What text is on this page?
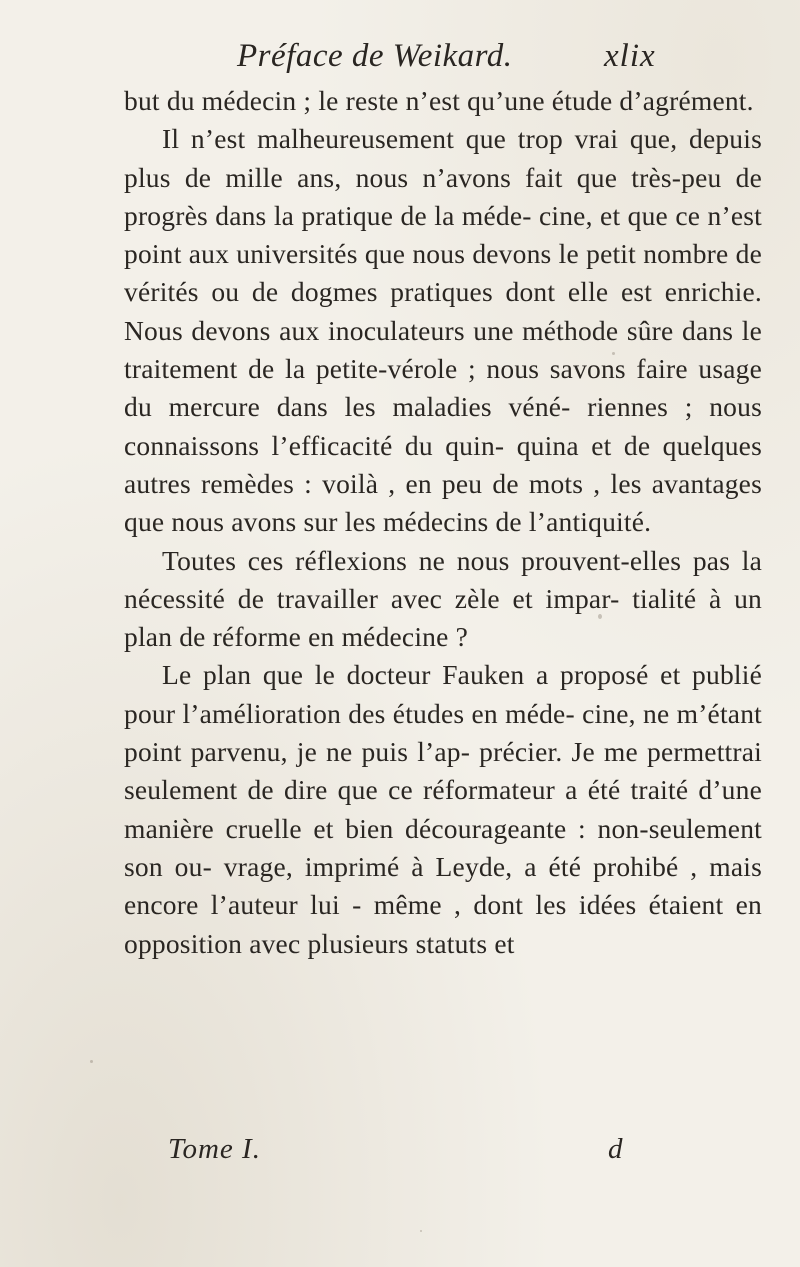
Préface de Weikard.	xlix

but du médecin ; le reste n’est qu’une étude d’agrément.

Il n’est malheureusement que trop vrai que, depuis plus de mille ans, nous n’avons fait que très-peu de progrès dans la pratique de la méde- cine, et que ce n’est point aux universités que nous devons le petit nombre de vérités ou de dogmes pratiques dont elle est enrichie. Nous devons aux inoculateurs une méthode sûre dans le traitement de la petite-vérole ; nous savons faire usage du mercure dans les maladies véné- riennes ; nous connaissons l’efficacité du quin- quina et de quelques autres remèdes : voilà , en peu de mots , les avantages que nous avons sur les médecins de l’antiquité.

Toutes ces réflexions ne nous prouvent-elles pas la nécessité de travailler avec zèle et impar- tialité à un plan de réforme en médecine ?

Le plan que le docteur Fauken a proposé et publié pour l’amélioration des études en méde- cine, ne m’étant point parvenu, je ne puis l’ap- précier. Je me permettrai seulement de dire que ce réformateur a été traité d’une manière cruelle et bien décourageante : non-seulement son ou- vrage, imprimé à Leyde, a été prohibé , mais encore l’auteur lui - même , dont les idées étaient en opposition avec plusieurs statuts et

Tome I.	d
